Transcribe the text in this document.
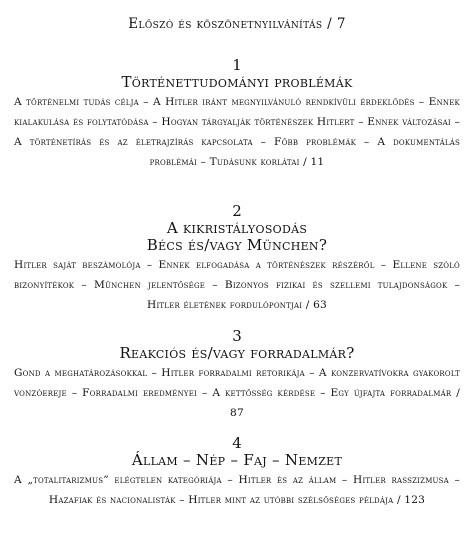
Előszó és köszönetnyilvánítás / 7
1
Történettudományi problémák
A történelmi tudás célja – A Hitler iránt megnyilvánuló rendkívüli érdeklődés – Ennek kialakulása és folytatódása – Hogyan tárgyalják történészek Hitlert – Ennek változásai – A történetírás és az életrajzírás kapcsolata – Főbb problémák – A dokumentálás problémái – Tudásunk korlátai / 11
2
A kikristályosodás
Bécs és/vagy München?
Hitler saját beszámolója – Ennek elfogadása a történészek részéről – Ellene szóló bizonyítékok – München jelentősége – Bizonyos fizikai és szellemi tulajdonságok – Hitler életének fordulópontjai / 63
3
Reakciós és/vagy forradalmár?
Gond a meghatározásokkal – Hitler forradalmi retorikája – A konzervatívokra gyakorolt vonzóereje – Forradalmi eredményei – A kettősség kérdése – Egy újfajta forradalmár / 87
4
Állam – Nép – Faj – Nemzet
A „totalitarizmus” elégtelen kategóriája – Hitler és az állam – Hitler rasszizmusa – Hazafiak és nacionalisták – Hitler mint az utóbbi szélsőséges példája / 123
